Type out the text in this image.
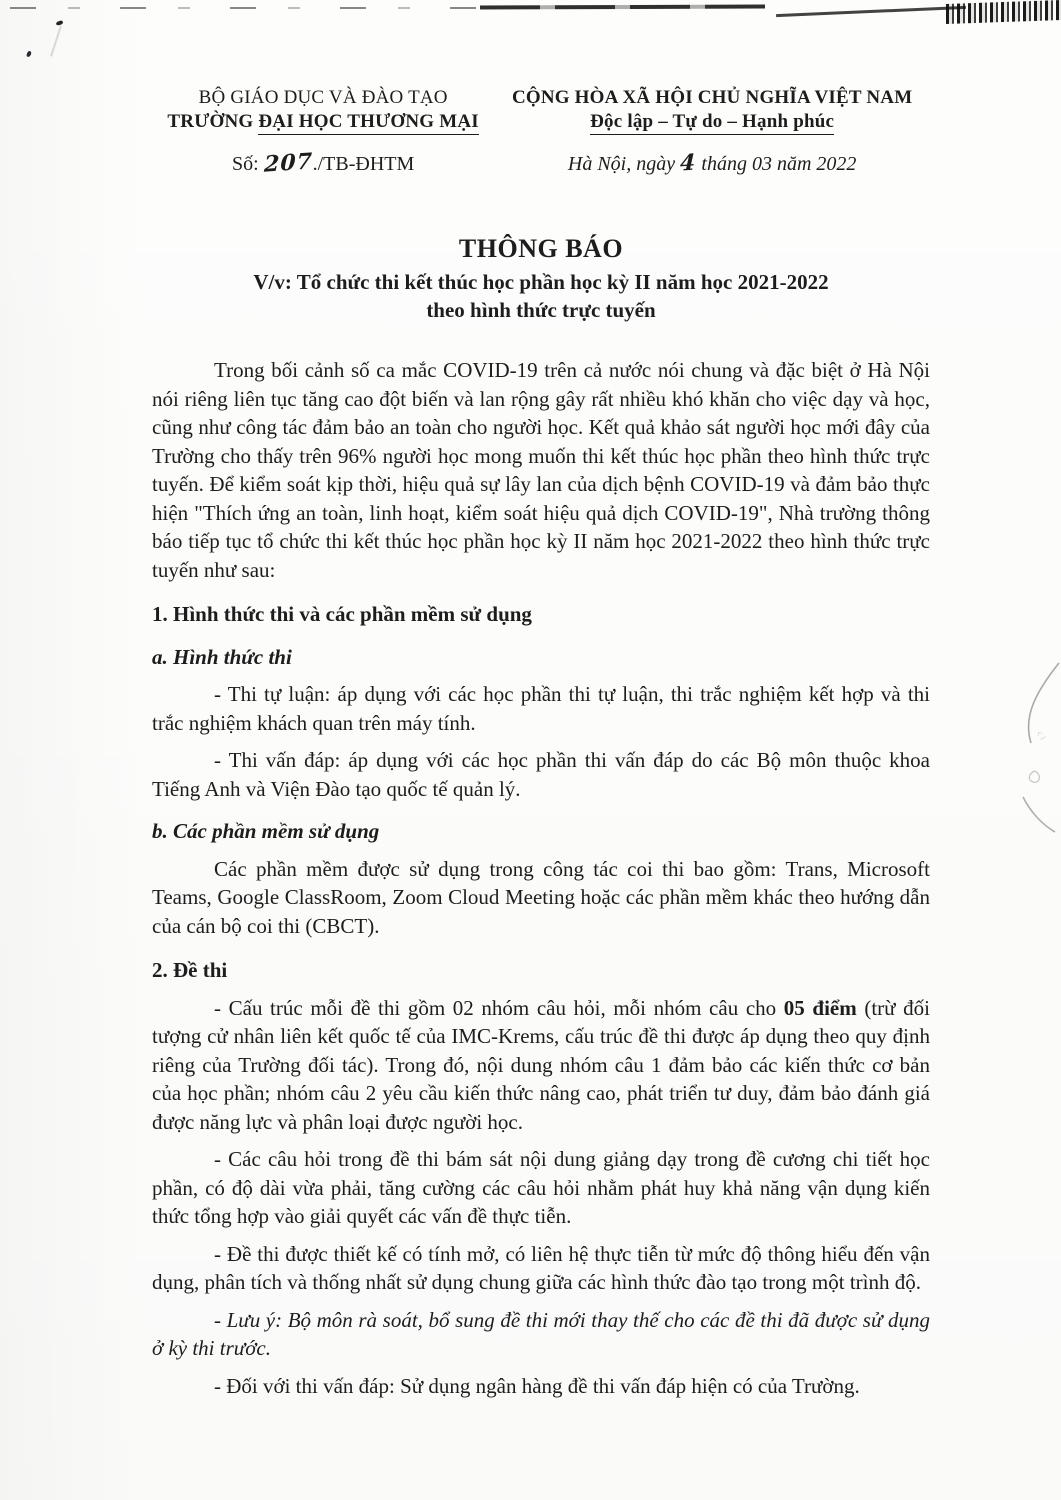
c i
BỘ GIÁO DỤC VÀ ĐÀO TẠO
TRƯỜNG ĐẠI HỌC THƯƠNG MẠI
Số: 207./TB-ĐHTM
CỘNG HÒA XÃ HỘI CHỦ NGHĨA VIỆT NAM
Độc lập – Tự do – Hạnh phúc
Hà Nội, ngày 4 tháng 03 năm 2022
THÔNG BÁO
V/v: Tổ chức thi kết thúc học phần học kỳ II năm học 2021-2022
theo hình thức trực tuyến

Trong bối cảnh số ca mắc COVID-19 trên cả nước nói chung và đặc biệt ở Hà Nội nói riêng liên tục tăng cao đột biến và lan rộng gây rất nhiều khó khăn cho việc dạy và học, cũng như công tác đảm bảo an toàn cho người học. Kết quả khảo sát người học mới đây của Trường cho thấy trên 96% người học mong muốn thi kết thúc học phần theo hình thức trực tuyến. Để kiểm soát kịp thời, hiệu quả sự lây lan của dịch bệnh COVID-19 và đảm bảo thực hiện "Thích ứng an toàn, linh hoạt, kiểm soát hiệu quả dịch COVID-19", Nhà trường thông báo tiếp tục tổ chức thi kết thúc học phần học kỳ II năm học 2021-2022 theo hình thức trực tuyến như sau:

1. Hình thức thi và các phần mềm sử dụng
a. Hình thức thi

- Thi tự luận: áp dụng với các học phần thi tự luận, thi trắc nghiệm kết hợp và thi trắc nghiệm khách quan trên máy tính.

- Thi vấn đáp: áp dụng với các học phần thi vấn đáp do các Bộ môn thuộc khoa Tiếng Anh và Viện Đào tạo quốc tế quản lý.

b. Các phần mềm sử dụng

Các phần mềm được sử dụng trong công tác coi thi bao gồm: Trans, Microsoft Teams, Google ClassRoom, Zoom Cloud Meeting hoặc các phần mềm khác theo hướng dẫn của cán bộ coi thi (CBCT).

2. Đề thi

- Cấu trúc mỗi đề thi gồm 02 nhóm câu hỏi, mỗi nhóm câu cho 05 điểm (trừ đối tượng cử nhân liên kết quốc tế của IMC-Krems, cấu trúc đề thi được áp dụng theo quy định riêng của Trường đối tác). Trong đó, nội dung nhóm câu 1 đảm bảo các kiến thức cơ bản của học phần; nhóm câu 2 yêu cầu kiến thức nâng cao, phát triển tư duy, đảm bảo đánh giá được năng lực và phân loại được người học.

- Các câu hỏi trong đề thi bám sát nội dung giảng dạy trong đề cương chi tiết học phần, có độ dài vừa phải, tăng cường các câu hỏi nhằm phát huy khả năng vận dụng kiến thức tổng hợp vào giải quyết các vấn đề thực tiễn.

- Đề thi được thiết kế có tính mở, có liên hệ thực tiễn từ mức độ thông hiểu đến vận dụng, phân tích và thống nhất sử dụng chung giữa các hình thức đào tạo trong một trình độ.

- Lưu ý: Bộ môn rà soát, bổ sung đề thi mới thay thế cho các đề thi đã được sử dụng ở kỳ thi trước.

- Đối với thi vấn đáp: Sử dụng ngân hàng đề thi vấn đáp hiện có của Trường.
